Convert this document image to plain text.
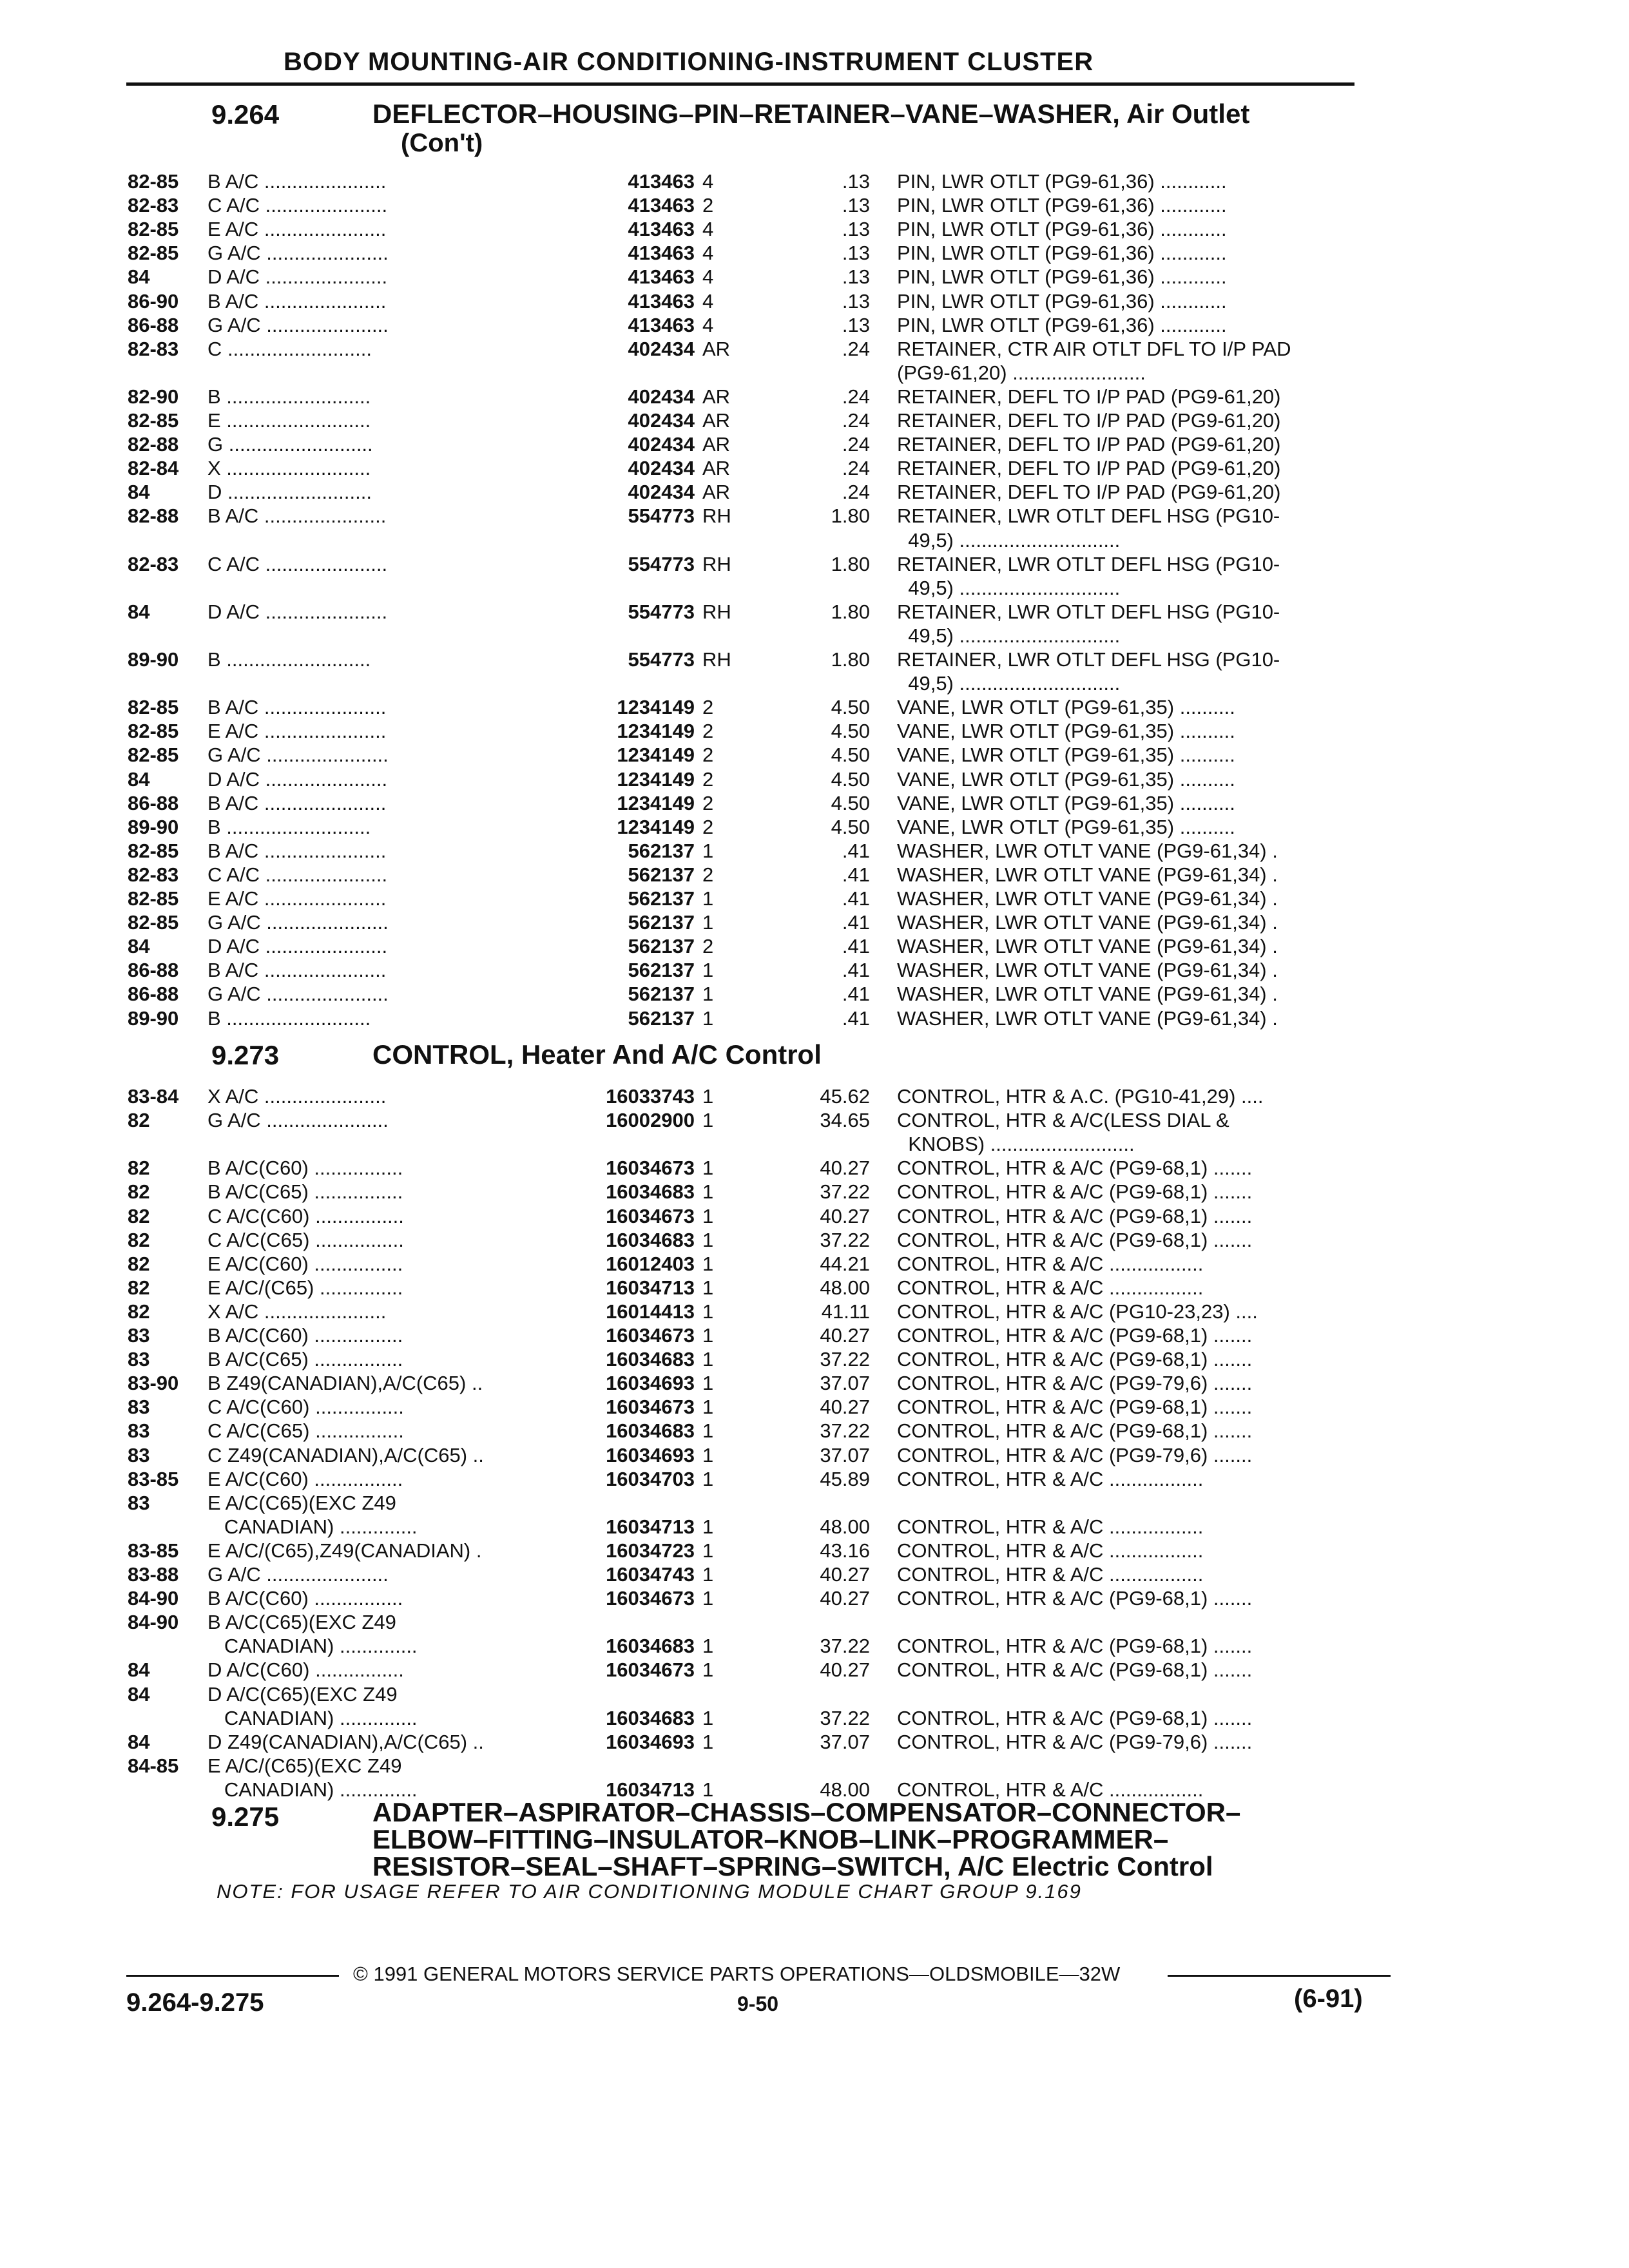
BODY MOUNTING-AIR CONDITIONING-INSTRUMENT CLUSTER
9.264	DEFLECTOR–HOUSING–PIN–RETAINER–VANE–WASHER, Air Outlet
(Con't)
9.273	CONTROL, Heater And A/C Control
9.275	ADAPTER–ASPIRATOR–CHASSIS–COMPENSATOR–CONNECTOR–
ELBOW–FITTING–INSULATOR–KNOB–LINK–PROGRAMMER–
RESISTOR–SEAL–SHAFT–SPRING–SWITCH, A/C Electric Control
NOTE: FOR USAGE REFER TO AIR CONDITIONING MODULE CHART GROUP 9.169
82-85 B A/C ......................	413463 4	.13 PIN, LWR OTLT (PG9-61,36) ............
82-83 C A/C ......................	413463 2	.13 PIN, LWR OTLT (PG9-61,36) ............
82-85 E A/C ......................	413463 4	.13 PIN, LWR OTLT (PG9-61,36) ............
82-85 G A/C ......................	413463 4	.13 PIN, LWR OTLT (PG9-61,36) ............
84	D A/C ......................	413463 4	.13 PIN, LWR OTLT (PG9-61,36) ............
86-90 B A/C ......................	413463 4	.13 PIN, LWR OTLT (PG9-61,36) ............
86-88 G A/C ......................	413463 4	.13 PIN, LWR OTLT (PG9-61,36) ............
82-83 C ..........................	402434 AR	.24 RETAINER, CTR AIR OTLT DFL TO I/P PAD
(PG9-61,20) ........................
82-90 B ..........................	402434 AR	.24 RETAINER, DEFL TO I/P PAD (PG9-61,20)
82-85 E ..........................	402434 AR	.24 RETAINER, DEFL TO I/P PAD (PG9-61,20)
82-88 G ..........................	402434 AR	.24 RETAINER, DEFL TO I/P PAD (PG9-61,20)
82-84 X ..........................	402434 AR	.24 RETAINER, DEFL TO I/P PAD (PG9-61,20)
84	D ..........................	402434 AR	.24 RETAINER, DEFL TO I/P PAD (PG9-61,20)
82-88 B A/C ......................	554773 RH	1.80 RETAINER, LWR OTLT DEFL HSG (PG10-
49,5) .............................
82-83 C A/C ......................	554773 RH	1.80 RETAINER, LWR OTLT DEFL HSG (PG10-
49,5) .............................
84	D A/C ......................	554773 RH	1.80 RETAINER, LWR OTLT DEFL HSG (PG10-
49,5) .............................
89-90 B ..........................	554773 RH	1.80 RETAINER, LWR OTLT DEFL HSG (PG10-
49,5) .............................
82-85 B A/C ......................	1234149 2	4.50 VANE, LWR OTLT (PG9-61,35) ..........
82-85 E A/C ......................	1234149 2	4.50 VANE, LWR OTLT (PG9-61,35) ..........
82-85 G A/C ......................	1234149 2	4.50 VANE, LWR OTLT (PG9-61,35) ..........
84	D A/C ......................	1234149 2	4.50 VANE, LWR OTLT (PG9-61,35) ..........
86-88 B A/C ......................	1234149 2	4.50 VANE, LWR OTLT (PG9-61,35) ..........
89-90 B ..........................	1234149 2	4.50 VANE, LWR OTLT (PG9-61,35) ..........
82-85 B A/C ......................	562137 1	.41 WASHER, LWR OTLT VANE (PG9-61,34) .
82-83 C A/C ......................	562137 2	.41 WASHER, LWR OTLT VANE (PG9-61,34) .
82-85 E A/C ......................	562137 1	.41 WASHER, LWR OTLT VANE (PG9-61,34) .
82-85 G A/C ......................	562137 1	.41 WASHER, LWR OTLT VANE (PG9-61,34) .
84	D A/C ......................	562137 2	.41 WASHER, LWR OTLT VANE (PG9-61,34) .
86-88 B A/C ......................	562137 1	.41 WASHER, LWR OTLT VANE (PG9-61,34) .
86-88 G A/C ......................	562137 1	.41 WASHER, LWR OTLT VANE (PG9-61,34) .
89-90 B ..........................	562137 1	.41 WASHER, LWR OTLT VANE (PG9-61,34) .
83-84 X A/C ......................	16033743 1	45.62 CONTROL, HTR & A.C. (PG10-41,29) ....
82	G A/C ......................	16002900 1	34.65 CONTROL, HTR & A/C(LESS DIAL &
KNOBS) ..........................
82	B A/C(C60) ................	16034673 1	40.27 CONTROL, HTR & A/C (PG9-68,1) .......
82	B A/C(C65) ................	16034683 1	37.22 CONTROL, HTR & A/C (PG9-68,1) .......
82	C A/C(C60) ................	16034673 1	40.27 CONTROL, HTR & A/C (PG9-68,1) .......
82	C A/C(C65) ................	16034683 1	37.22 CONTROL, HTR & A/C (PG9-68,1) .......
82	E A/C(C60) ................	16012403 1	44.21 CONTROL, HTR & A/C .................
82	E A/C/(C65) ...............	16034713 1	48.00 CONTROL, HTR & A/C .................
82	X A/C ......................	16014413 1	41.11 CONTROL, HTR & A/C (PG10-23,23) ....
83	B A/C(C60) ................	16034673 1	40.27 CONTROL, HTR & A/C (PG9-68,1) .......
83	B A/C(C65) ................	16034683 1	37.22 CONTROL, HTR & A/C (PG9-68,1) .......
83-90 B Z49(CANADIAN),A/C(C65) ..	16034693 1	37.07 CONTROL, HTR & A/C (PG9-79,6) .......
83	C A/C(C60) ................	16034673 1	40.27 CONTROL, HTR & A/C (PG9-68,1) .......
83	C A/C(C65) ................	16034683 1	37.22 CONTROL, HTR & A/C (PG9-68,1) .......
83	C Z49(CANADIAN),A/C(C65) ..	16034693 1	37.07 CONTROL, HTR & A/C (PG9-79,6) .......
83-85 E A/C(C60) ................	16034703 1	45.89 CONTROL, HTR & A/C .................
83	E A/C(C65)(EXC Z49
CANADIAN) ..............	16034713 1	48.00 CONTROL, HTR & A/C .................
83-85 E A/C/(C65),Z49(CANADIAN) .	16034723 1	43.16 CONTROL, HTR & A/C .................
83-88 G A/C ......................	16034743 1	40.27 CONTROL, HTR & A/C .................
84-90 B A/C(C60) ................	16034673 1	40.27 CONTROL, HTR & A/C (PG9-68,1) .......
84-90 B A/C(C65)(EXC Z49
CANADIAN) ..............	16034683 1	37.22 CONTROL, HTR & A/C (PG9-68,1) .......
84	D A/C(C60) ................	16034673 1	40.27 CONTROL, HTR & A/C (PG9-68,1) .......
84	D A/C(C65)(EXC Z49
CANADIAN) ..............	16034683 1	37.22 CONTROL, HTR & A/C (PG9-68,1) .......
84	D Z49(CANADIAN),A/C(C65) ..	16034693 1	37.07 CONTROL, HTR & A/C (PG9-79,6) .......
84-85 E A/C/(C65)(EXC Z49
CANADIAN) ..............	16034713 1	48.00 CONTROL, HTR & A/C .................
© 1991 GENERAL MOTORS SERVICE PARTS OPERATIONS—OLDSMOBILE—32W
9.264-9.275	9-50	(6-91)
